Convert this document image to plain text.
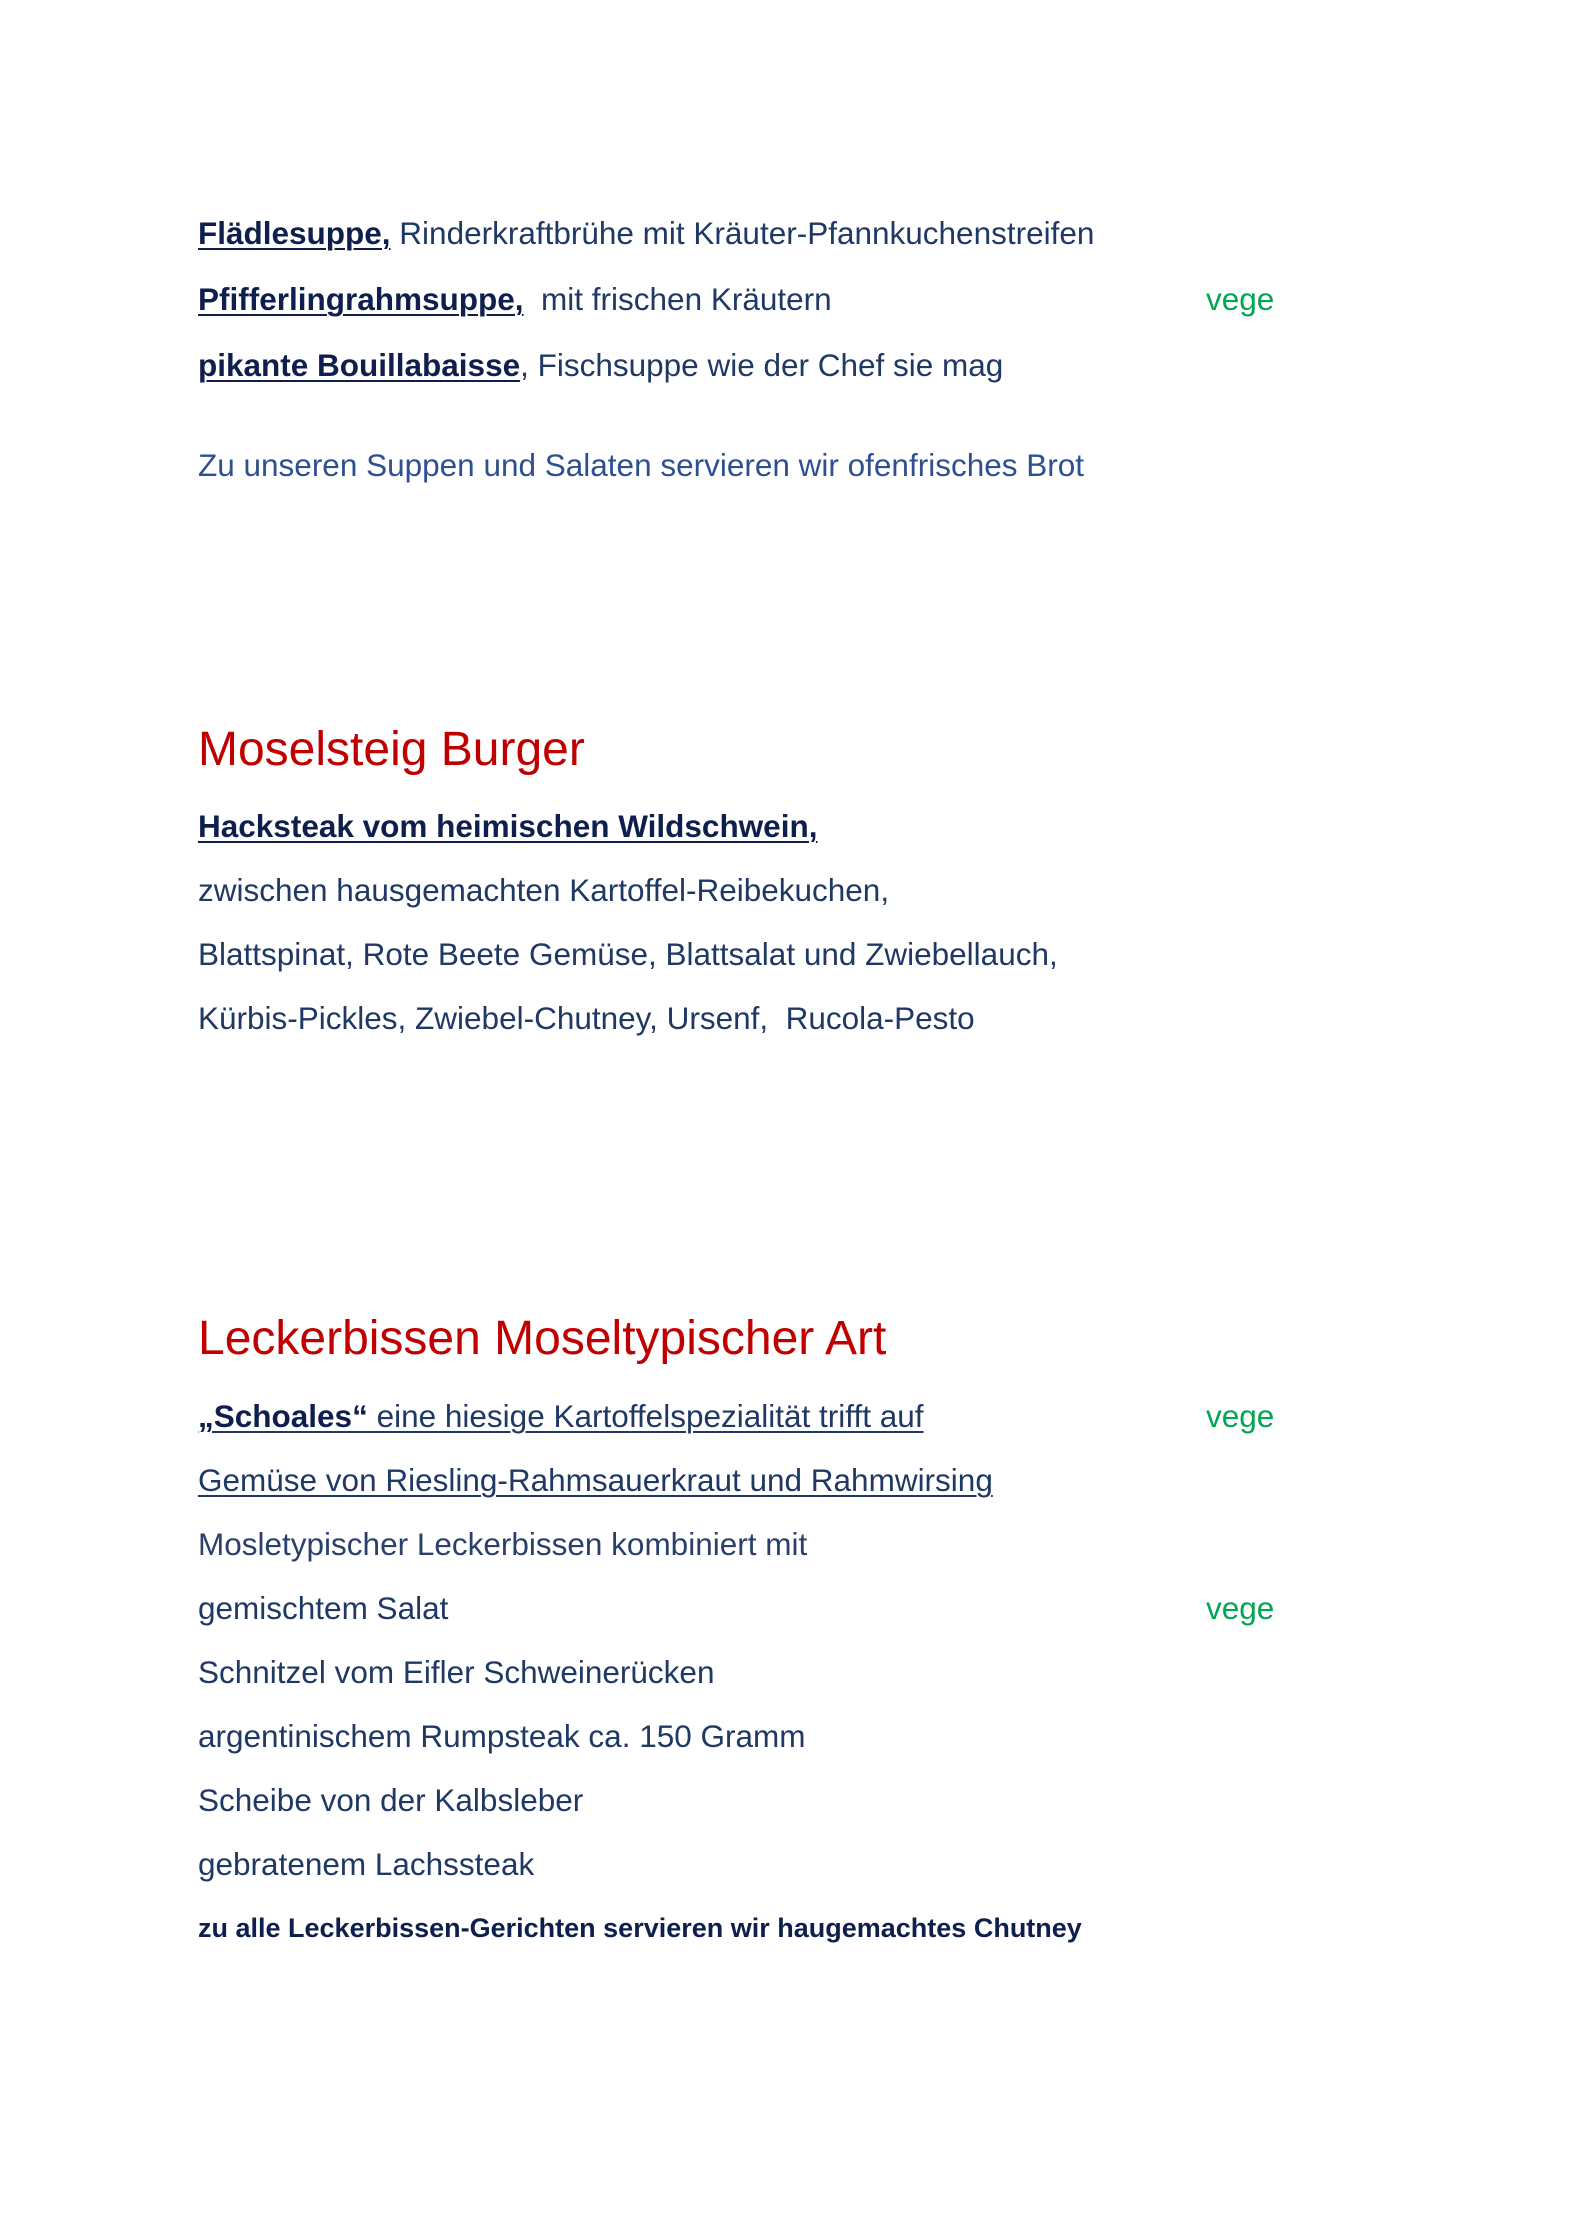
Flädlesuppe, Rinderkraftbrühe mit Kräuter-Pfannkuchenstreifen
Pfifferlingrahmsuppe,  mit frischen Kräutern	vege
pikante Bouillabaisse, Fischsuppe wie der Chef sie mag
Zu unseren Suppen und Salaten servieren wir ofenfrisches Brot
Moselsteig Burger
Hacksteak vom heimischen Wildschwein,
zwischen hausgemachten Kartoffel-Reibekuchen,
Blattspinat, Rote Beete Gemüse, Blattsalat und Zwiebellauch,
Kürbis-Pickles, Zwiebel-Chutney, Ursenf,  Rucola-Pesto
Leckerbissen Moseltypischer Art
„Schoales“ eine hiesige Kartoffelspezialität trifft auf	vege
Gemüse von Riesling-Rahmsauerkraut und Rahmwirsing
Mosletypischer Leckerbissen kombiniert mit
gemischtem Salat	vege
Schnitzel vom Eifler Schweinerücken
argentinischem Rumpsteak ca. 150 Gramm
Scheibe von der Kalbsleber
gebratenem Lachssteak
zu alle Leckerbissen-Gerichten servieren wir haugemachtes Chutney
